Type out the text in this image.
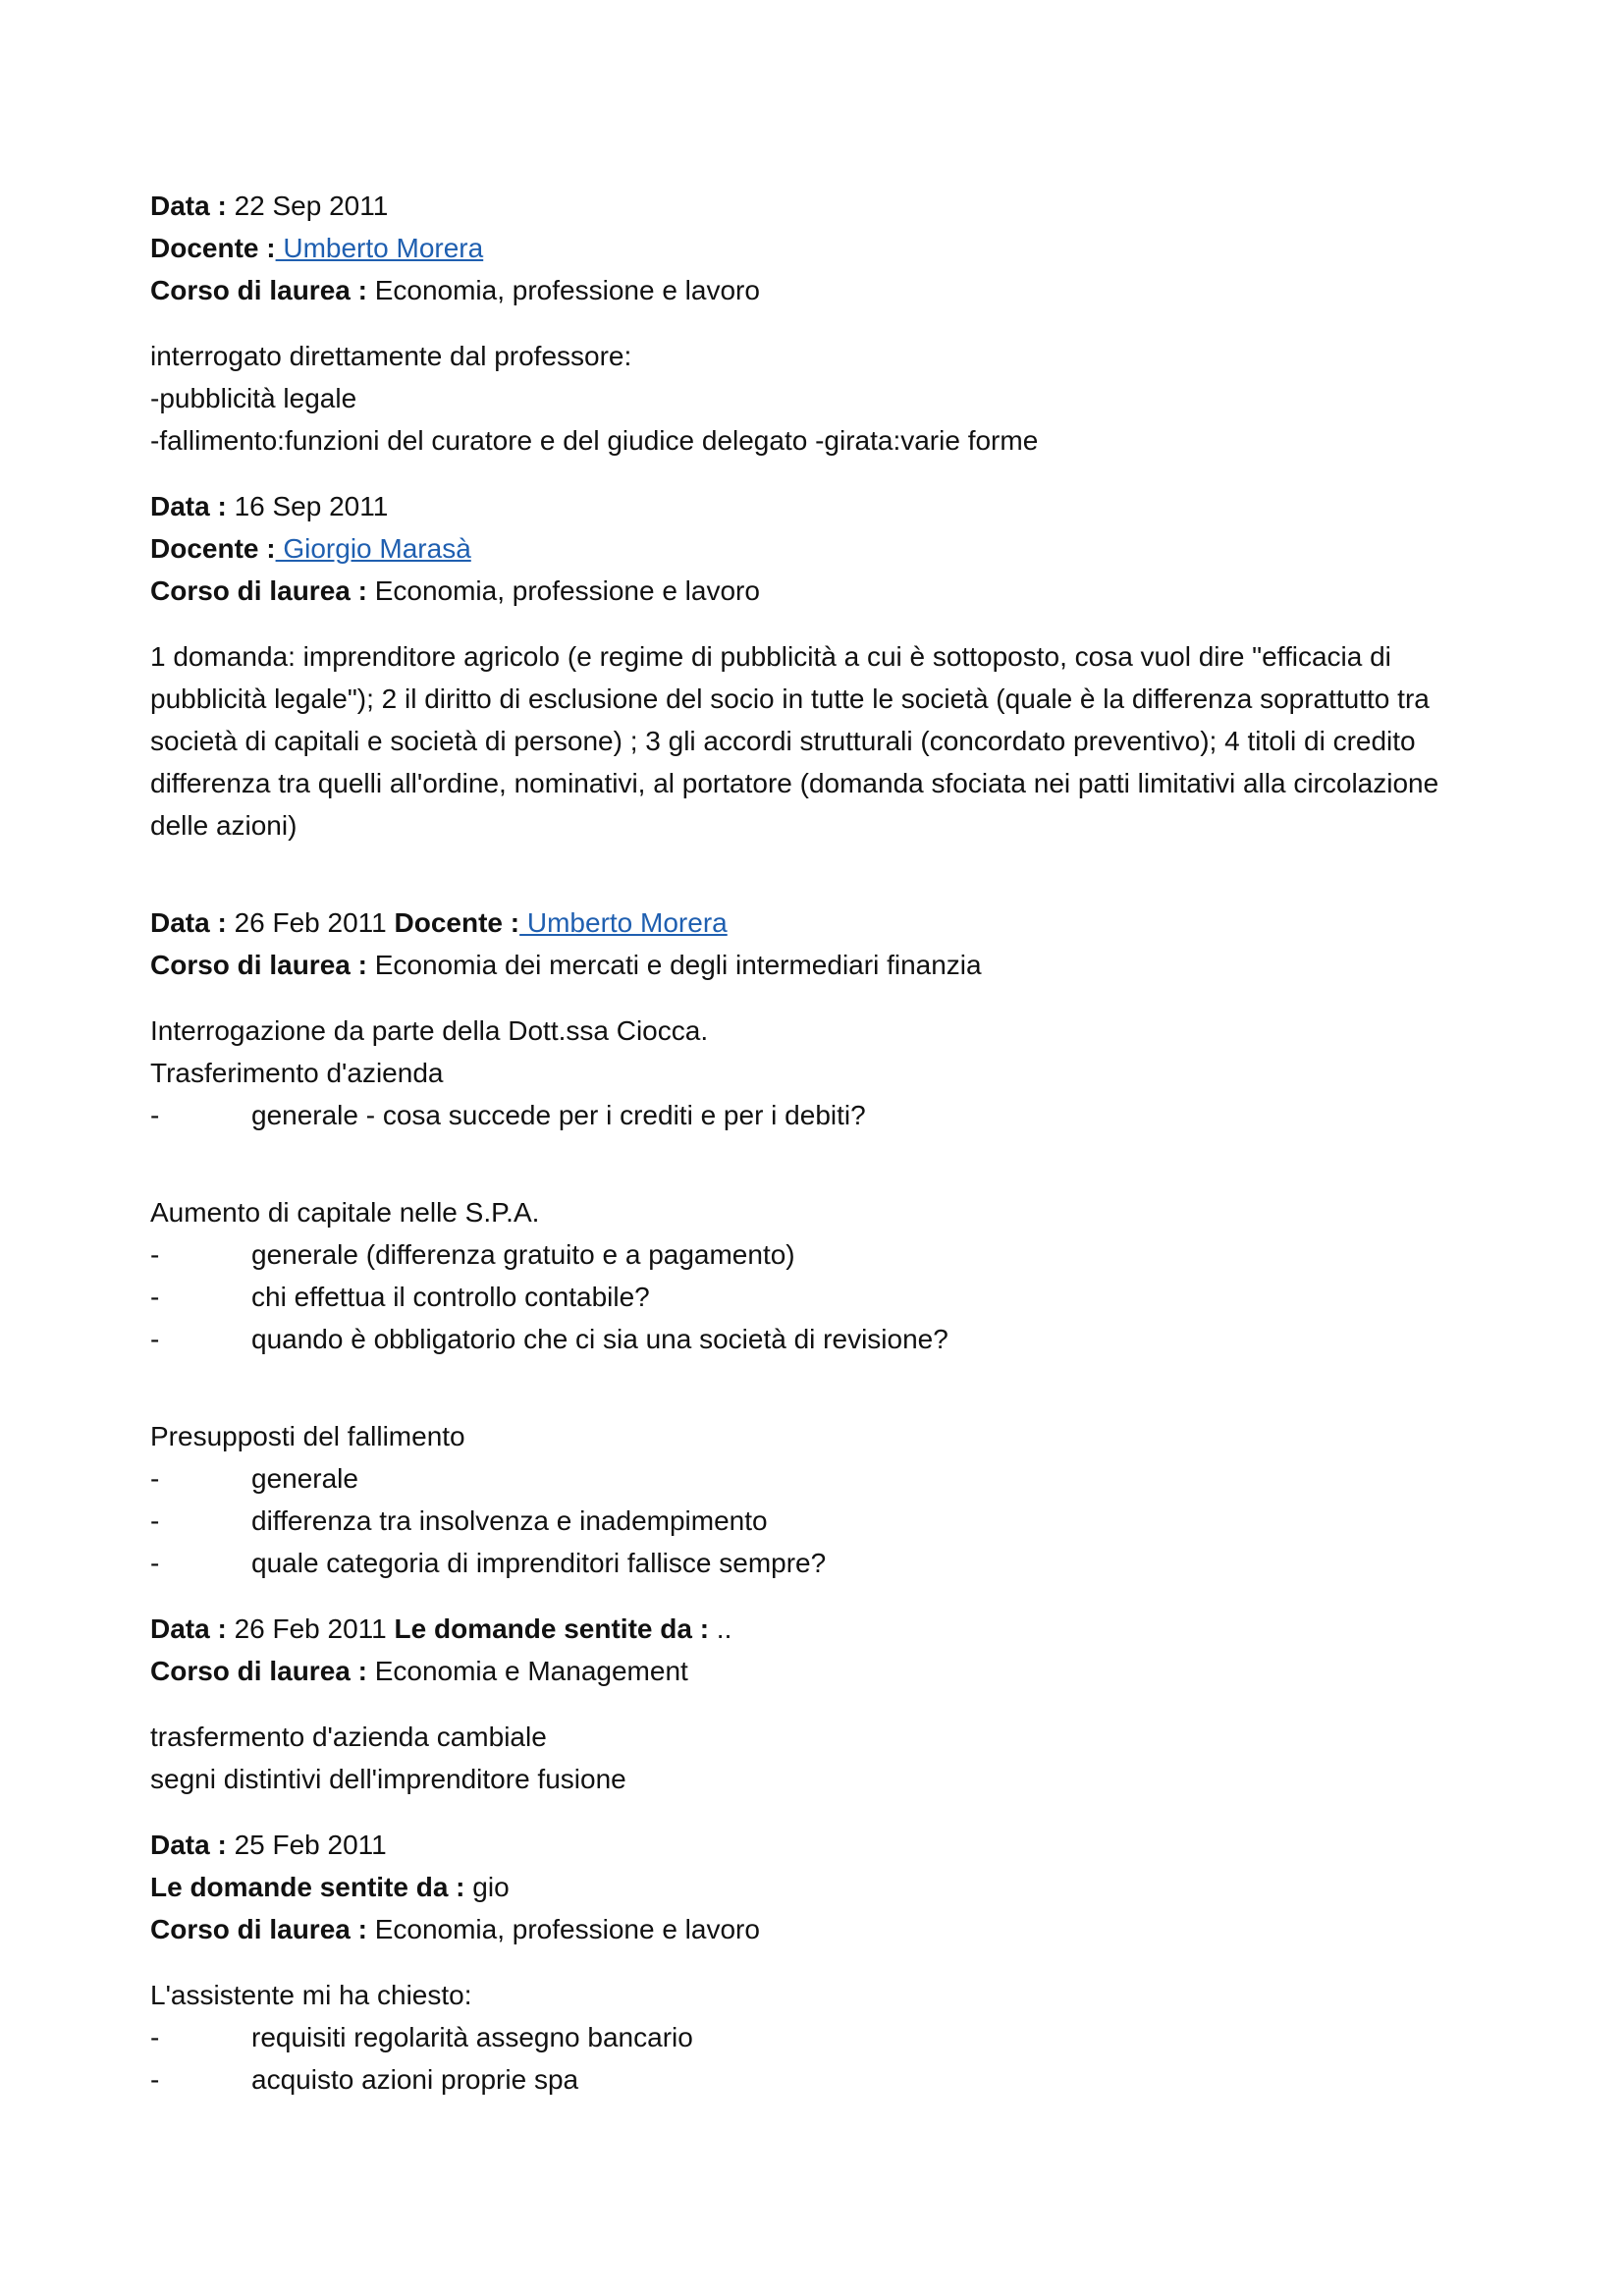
Data : 22 Sep 2011
Docente : Umberto Morera
Corso di laurea : Economia, professione e lavoro
interrogato direttamente dal professore:
-pubblicità legale
-fallimento:funzioni del curatore e del giudice delegato -girata:varie forme
Data : 16 Sep 2011
Docente : Giorgio Marasà
Corso di laurea : Economia, professione e lavoro
1 domanda: imprenditore agricolo (e regime di pubblicità a cui è sottoposto, cosa vuol dire "efficacia di pubblicità legale"); 2 il diritto di esclusione del socio in tutte le società (quale è la differenza soprattutto tra società di capitali e società di persone) ; 3 gli accordi strutturali (concordato preventivo); 4 titoli di credito differenza tra quelli all'ordine, nominativi, al portatore (domanda sfociata nei patti limitativi alla circolazione delle azioni)
Data : 26 Feb 2011 Docente : Umberto Morera
Corso di laurea : Economia dei mercati e degli intermediari finanzia
Interrogazione da parte della Dott.ssa Ciocca.
Trasferimento d'azienda
-	generale - cosa succede per i crediti e per i debiti?
Aumento di capitale nelle S.P.A.
-	generale (differenza gratuito e a pagamento)
-	chi effettua il controllo contabile?
-	quando è obbligatorio che ci sia una società di revisione?
Presupposti del fallimento
-	generale
-	differenza tra insolvenza e inadempimento
-	quale categoria di imprenditori fallisce sempre?
Data : 26 Feb 2011 Le domande sentite da : ..
Corso di laurea : Economia e Management
trasfermento d'azienda cambiale
segni distintivi dell'imprenditore fusione
Data : 25 Feb 2011
Le domande sentite da : gio
Corso di laurea : Economia, professione e lavoro
L'assistente mi ha chiesto:
-	requisiti regolarità assegno bancario
-	acquisto azioni proprie spa
